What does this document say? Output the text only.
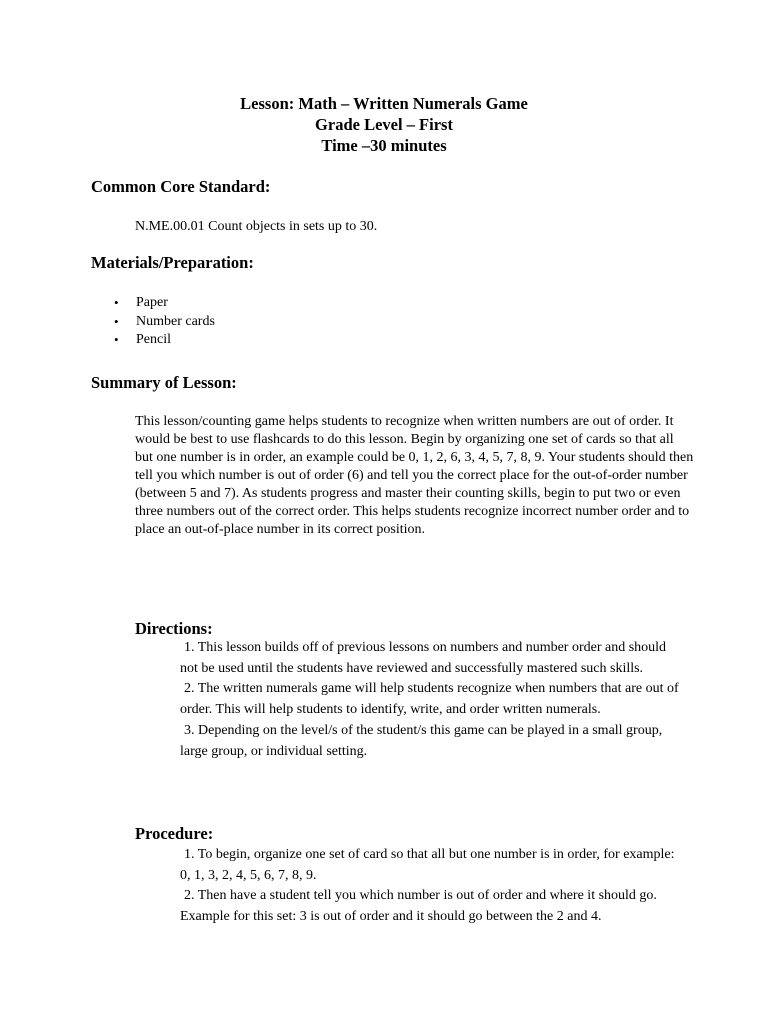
Lesson: Math – Written Numerals Game
Grade Level – First
Time –30 minutes
Common Core Standard:

N.ME.00.01 Count objects in sets up to 30.

Materials/Preparation:
• Paper
• Number cards
• Pencil
Summary of Lesson:

This lesson/counting game helps students to recognize when written numbers are out of order. It would be best to use flashcards to do this lesson. Begin by organizing one set of cards so that all but one number is in order, an example could be 0, 1, 2, 6, 3, 4, 5, 7, 8, 9. Your students should then tell you which number is out of order (6) and tell you the correct place for the out-of-order number (between 5 and 7). As students progress and master their counting skills, begin to put two or even three numbers out of the correct order. This helps students recognize incorrect number order and to place an out-of-place number in its correct position.

Directions:

1. This lesson builds off of previous lessons on numbers and number order and should not be used until the students have reviewed and successfully mastered such skills.

2. The written numerals game will help students recognize when numbers that are out of order. This will help students to identify, write, and order written numerals.

3. Depending on the level/s of the student/s this game can be played in a small group, large group, or individual setting.

Procedure:

1. To begin, organize one set of card so that all but one number is in order, for example: 0, 1, 3, 2, 4, 5, 6, 7, 8, 9.

2. Then have a student tell you which number is out of order and where it should go. Example for this set: 3 is out of order and it should go between the 2 and 4.
